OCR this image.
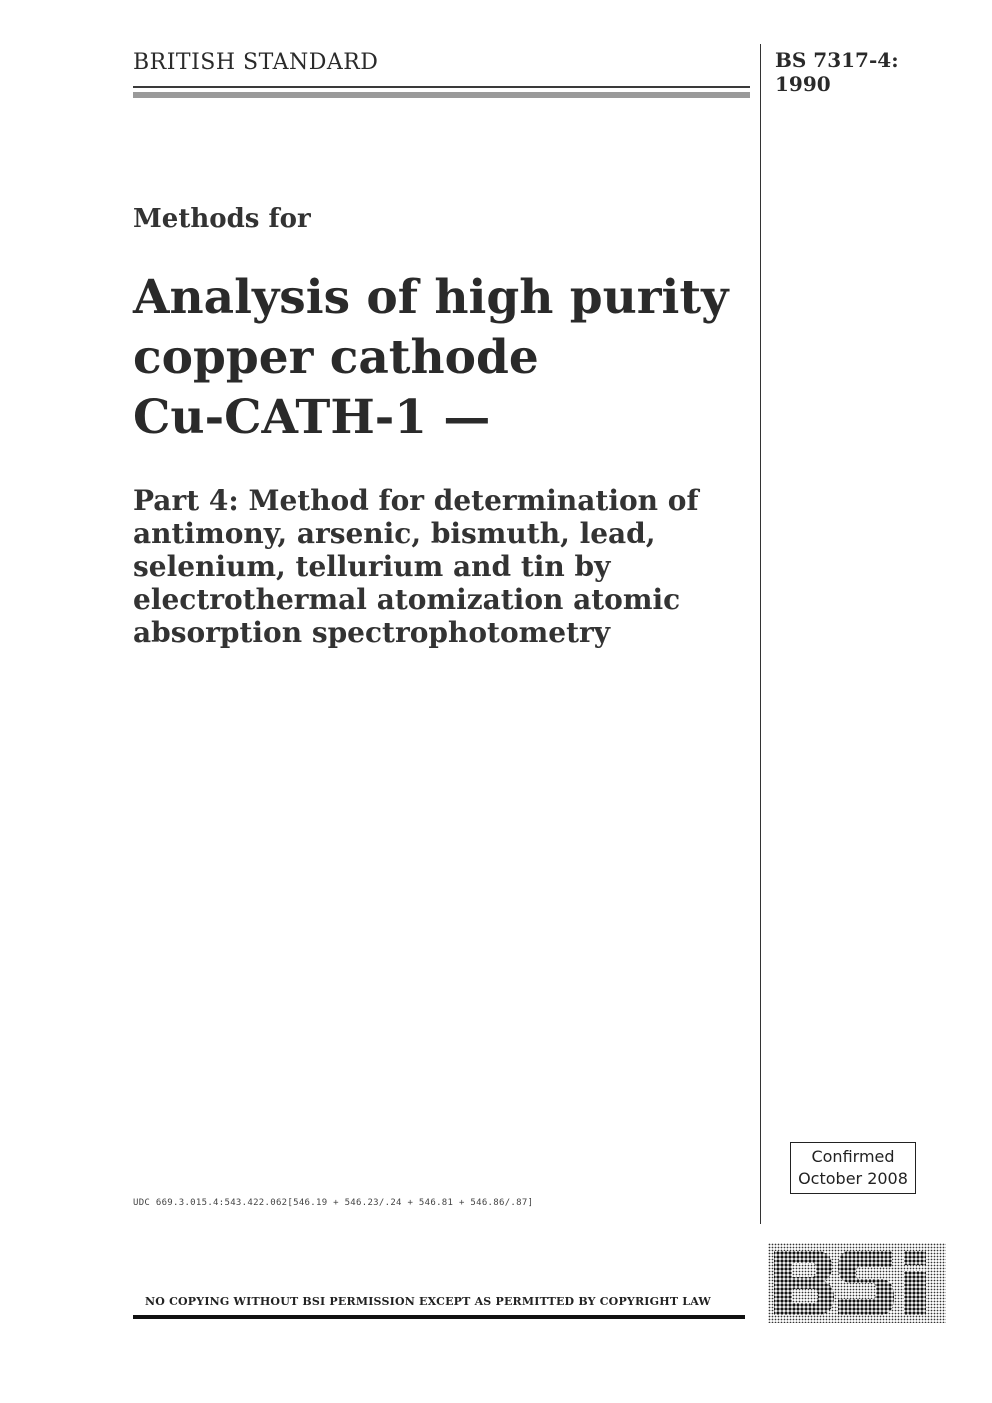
BRITISH STANDARD	BS 7317-4:
1990
Methods for
Analysis of high purity
copper cathode
Cu-CATH-1 —
Part 4: Method for determination of
antimony, arsenic, bismuth, lead,
selenium, tellurium and tin by
electrothermal atomization atomic
absorption spectrophotometry
Confirmed
October 2008
UDC 669.3.015.4:543.422.062[546.19 + 546.23/.24 + 546.81 + 546.86/.87]
NO COPYING WITHOUT BSI PERMISSION EXCEPT AS PERMITTED BY COPYRIGHT LAW
